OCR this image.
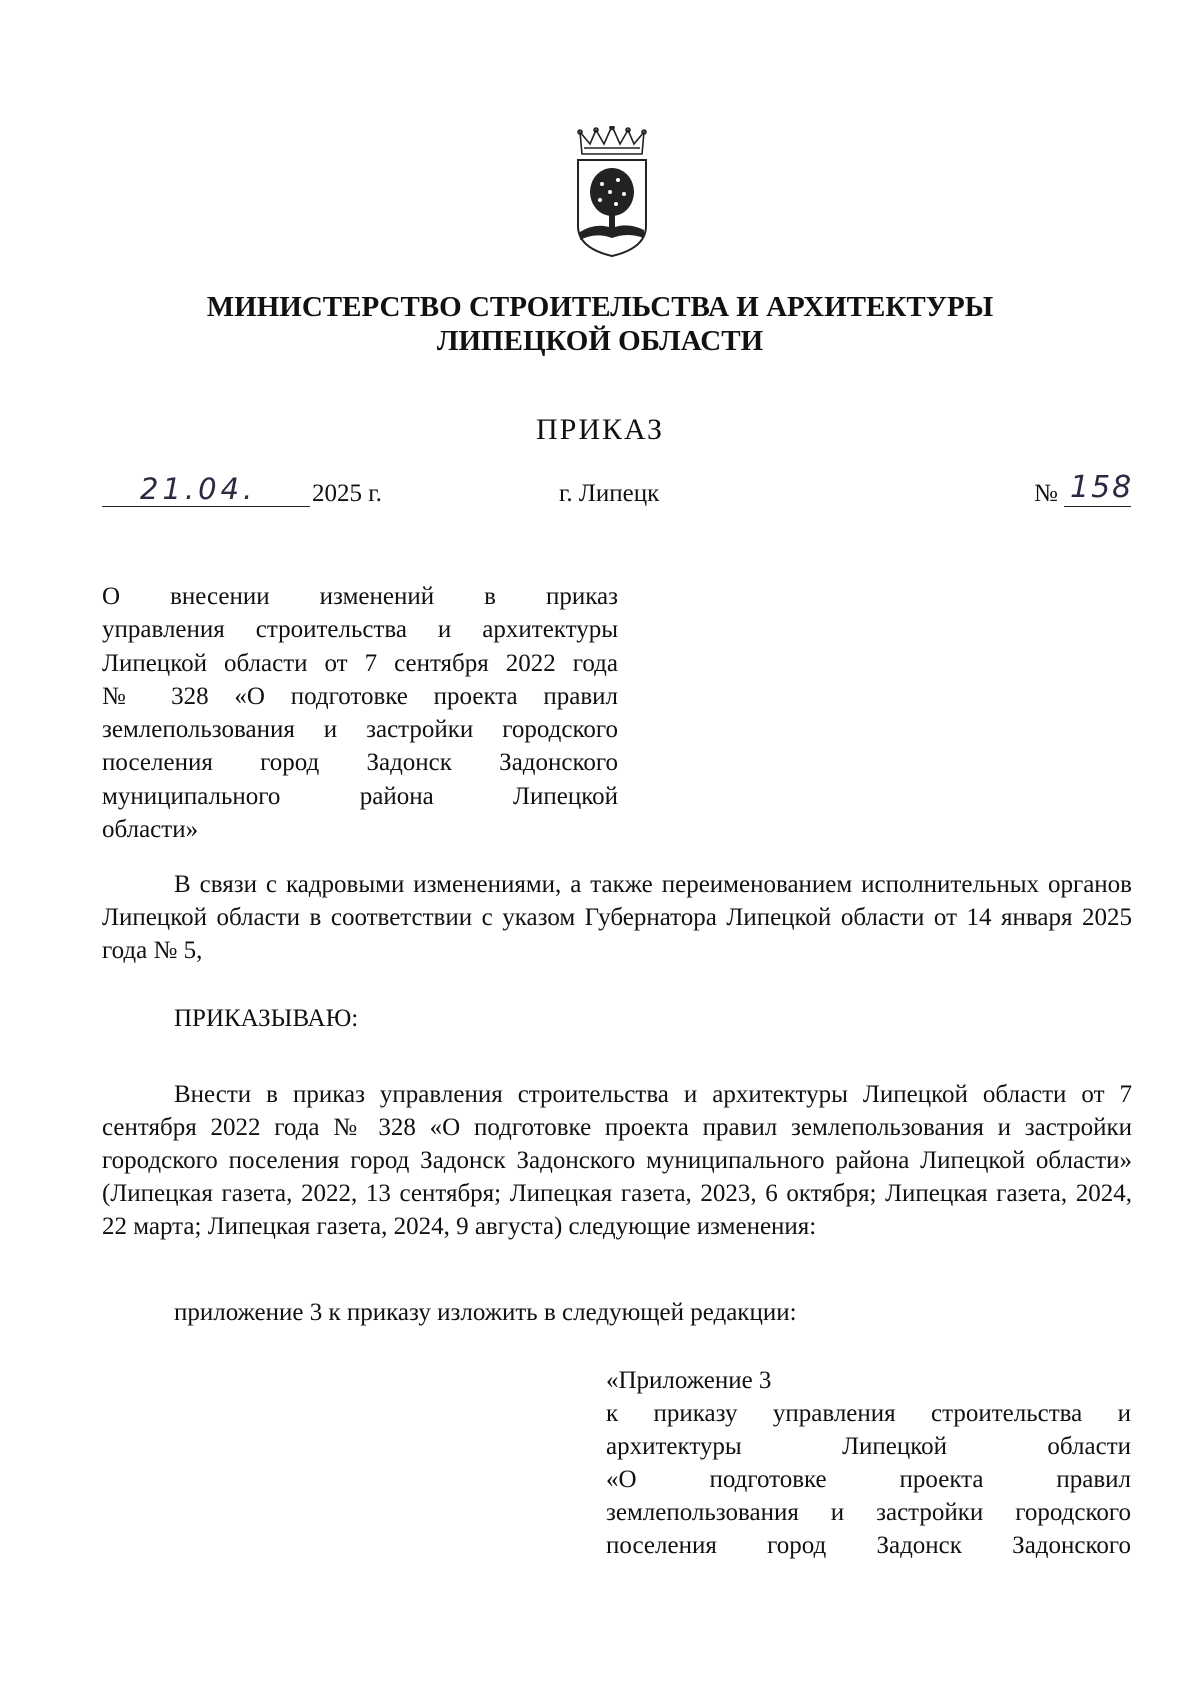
МИНИСТЕРСТВО СТРОИТЕЛЬСТВА И АРХИТЕКТУРЫ
ЛИПЕЦКОЙ ОБЛАСТИ
ПРИКАЗ
21.04. 2025 г.	г. Липецк	№ 158
О внесении изменений в приказ
управления строительства и архитектуры
Липецкой области от 7 сентября 2022 года
№ 328 «О подготовке проекта правил
землепользования и застройки городского
поселения город Задонск Задонского
муниципального района Липецкой
области»
В связи с кадровыми изменениями, а также переименованием исполнительных органов Липецкой области в соответствии с указом Губернатора Липецкой области от 14 января 2025 года № 5,
ПРИКАЗЫВАЮ:
Внести в приказ управления строительства и архитектуры Липецкой области от 7 сентября 2022 года № 328 «О подготовке проекта правил землепользования и застройки городского поселения город Задонск Задонского муниципального района Липецкой области» (Липецкая газета, 2022, 13 сентября; Липецкая газета, 2023, 6 октября; Липецкая газета, 2024, 22 марта; Липецкая газета, 2024, 9 августа) следующие изменения:
приложение 3 к приказу изложить в следующей редакции:
«Приложение 3
к приказу управления строительства и
архитектуры Липецкой области
«О подготовке проекта правил
землепользования и застройки городского
поселения город Задонск Задонского
